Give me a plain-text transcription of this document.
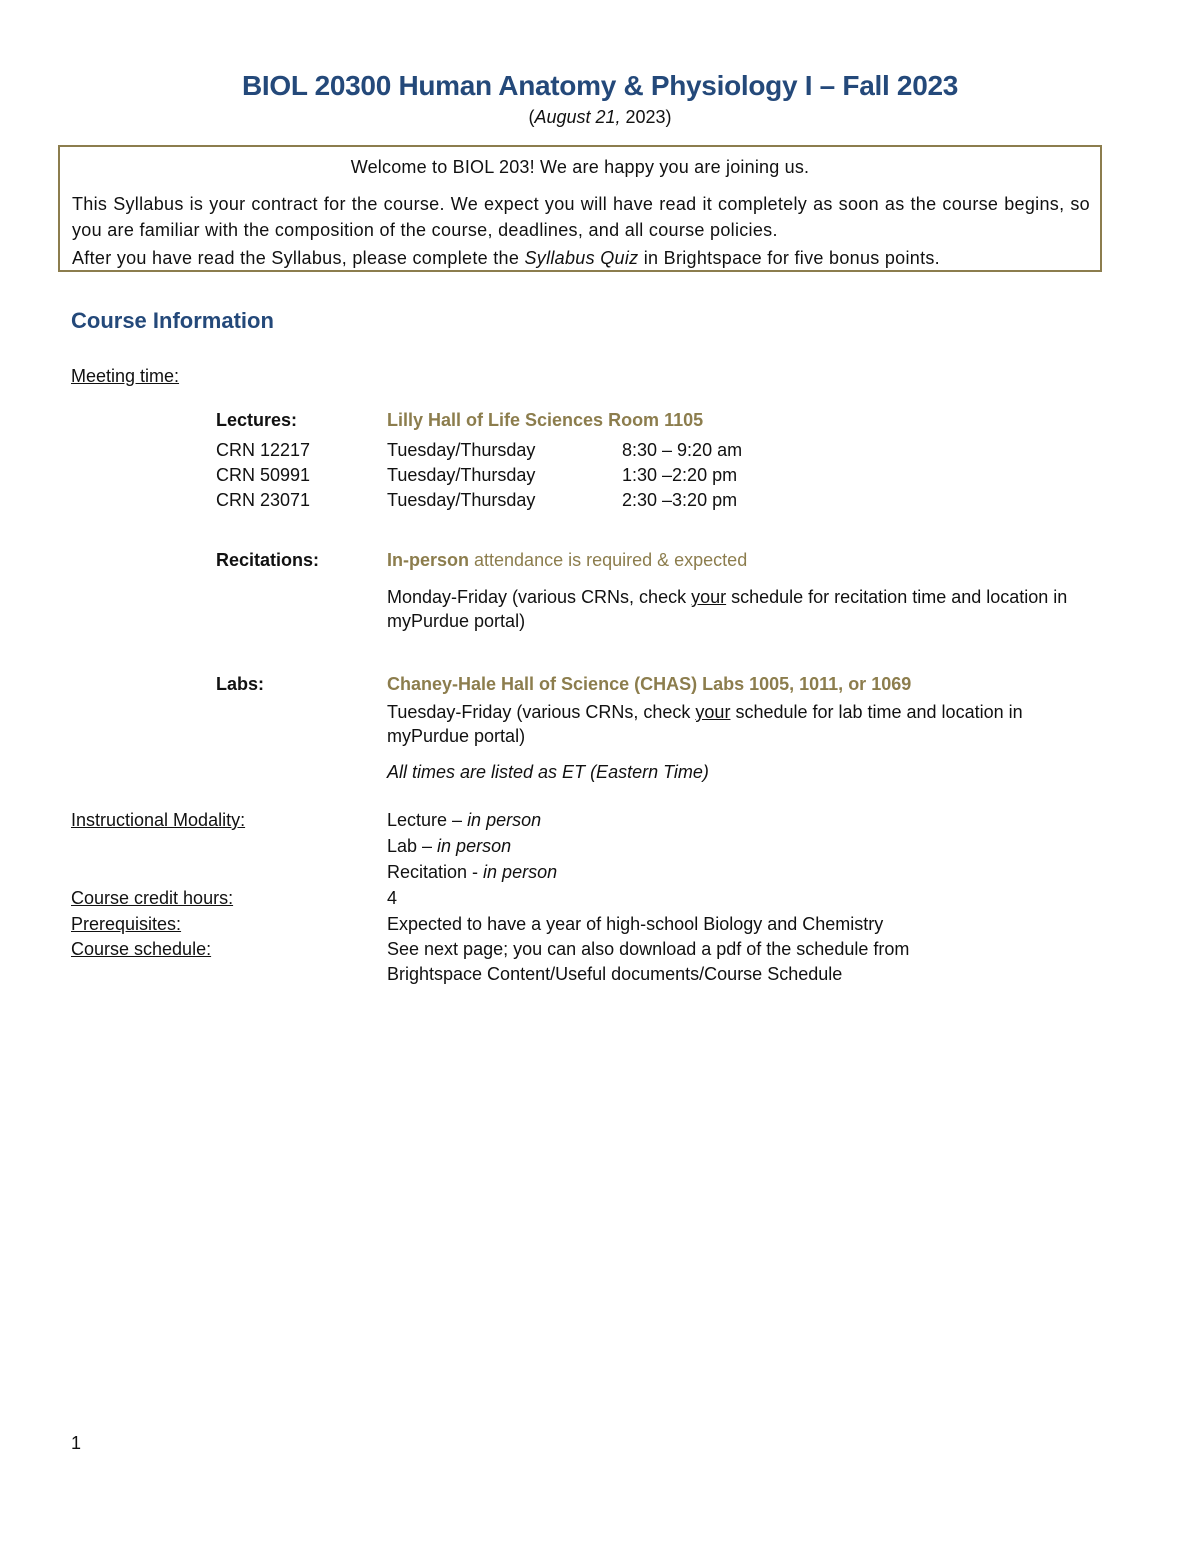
BIOL 20300 Human Anatomy & Physiology I – Fall 2023
(August 21, 2023)
Welcome to BIOL 203! We are happy you are joining us.
This Syllabus is your contract for the course. We expect you will have read it completely as soon as the course begins, so you are familiar with the composition of the course, deadlines, and all course policies.
After you have read the Syllabus, please complete the Syllabus Quiz in Brightspace for five bonus points.
Course Information
Meeting time:
Lectures:	Lilly Hall of Life Sciences Room 1105
CRN 12217	Tuesday/Thursday	8:30 – 9:20 am
CRN 50991	Tuesday/Thursday	1:30 –2:20 pm
CRN 23071	Tuesday/Thursday	2:30 –3:20 pm
Recitations:	In-person attendance is required & expected
Monday-Friday (various CRNs, check your schedule for recitation time and location in myPurdue portal)
Labs:	Chaney-Hale Hall of Science (CHAS) Labs 1005, 1011, or 1069
Tuesday-Friday (various CRNs, check your schedule for lab time and location in myPurdue portal)
All times are listed as ET (Eastern Time)
Instructional Modality:	Lecture – in person
Lab – in person
Recitation - in person
Course credit hours:	4
Prerequisites:	Expected to have a year of high-school Biology and Chemistry
Course schedule:	See next page; you can also download a pdf of the schedule from
Brightspace Content/Useful documents/Course Schedule
1
